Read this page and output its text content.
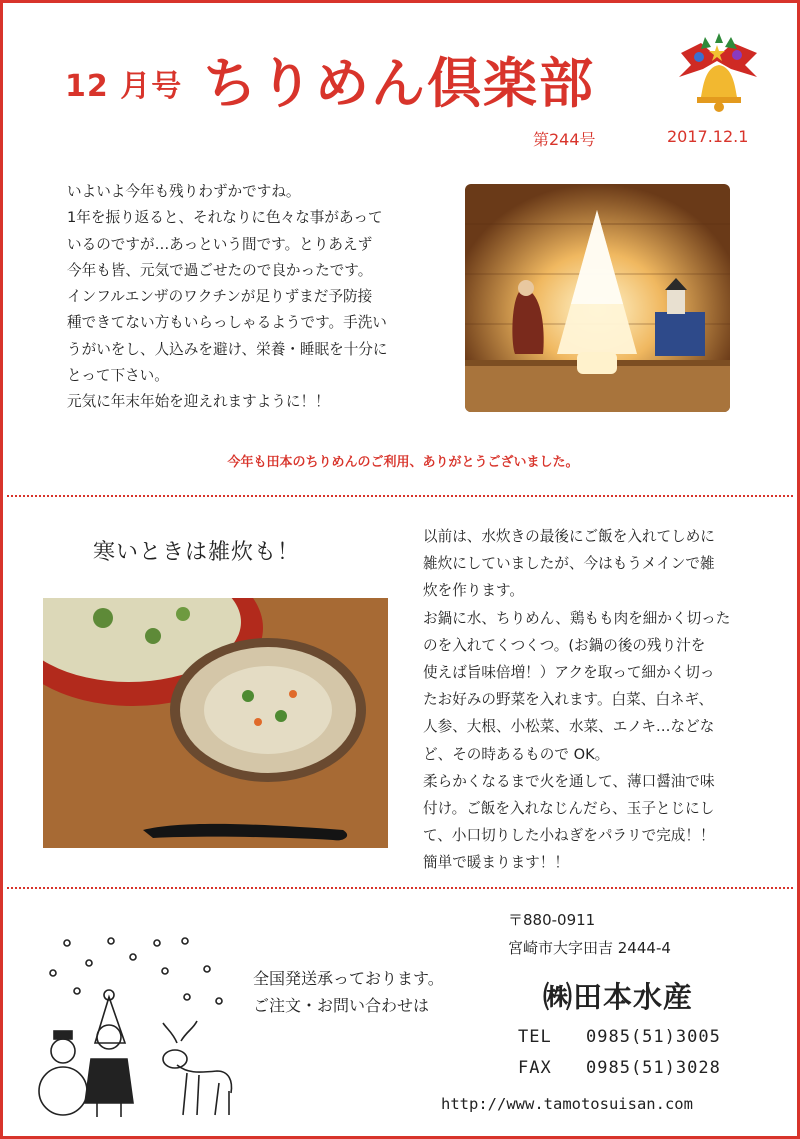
12 月号 ちりめん倶楽部
第244号	2017.12.1

いよいよ今年も残りわずかですね。

1年を振り返ると、それなりに色々な事があって

いるのですが…あっという間です。とりあえず

今年も皆、元気で過ごせたので良かったです。

インフルエンザのワクチンが足りずまだ予防接

種できてない方もいらっしゃるようです。手洗い

うがいをし、人込みを避け、栄養・睡眠を十分に

とって下さい。

元気に年末年始を迎えれますように！！

今年も田本のちりめんのご利用、ありがとうございました。
寒いときは雑炊も！

以前は、水炊きの最後にご飯を入れてしめに

雑炊にしていましたが、今はもうメインで雑

炊を作ります。

お鍋に水、ちりめん、鶏もも肉を細かく切った

のを入れてくつくつ。(お鍋の後の残り汁を

使えば旨味倍増！）アクを取って細かく切っ

たお好みの野菜を入れます。白菜、白ネギ、

人参、大根、小松菜、水菜、エノキ…などな

ど、その時あるもので OK。

柔らかくなるまで火を通して、薄口醤油で味

付け。ご飯を入れなじんだら、玉子とじにし

て、小口切りした小ねぎをパラリで完成！！

簡単で暖まります！！

全国発送承っております。
ご注文・お問い合わせは
〒880-0911
宮崎市大字田吉 2444-4
㈱田本水産
TEL 0985(51)3005
FAX 0985(51)3028
http://www.tamotosuisan.com
